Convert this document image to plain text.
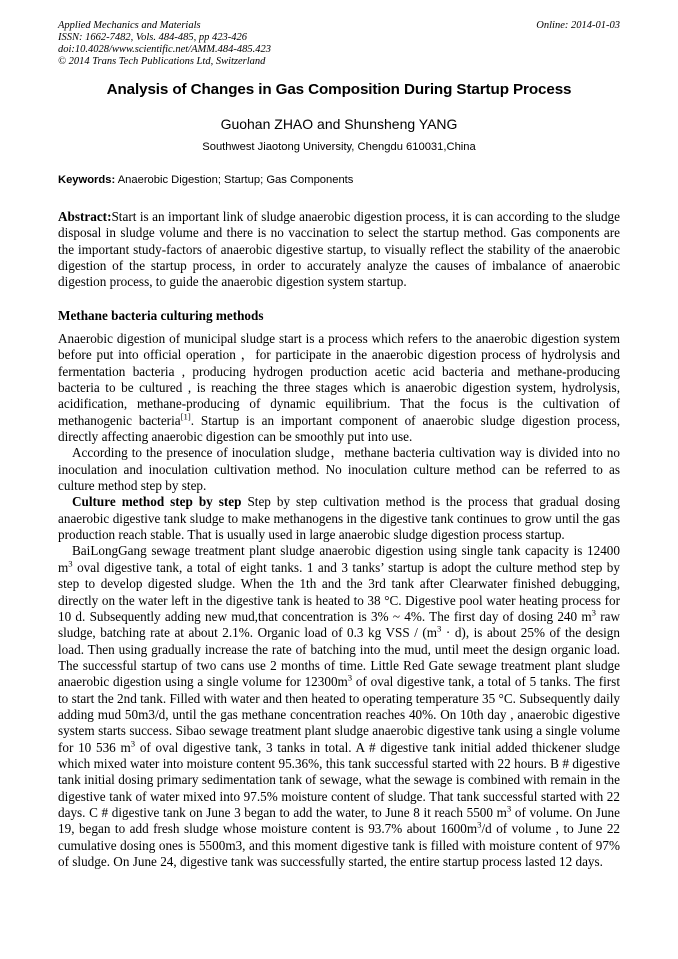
Applied Mechanics and Materials	Online: 2014-01-03
ISSN: 1662-7482, Vols. 484-485, pp 423-426
doi:10.4028/www.scientific.net/AMM.484-485.423
© 2014 Trans Tech Publications Ltd, Switzerland
Analysis of Changes in Gas Composition During Startup Process
Guohan ZHAO and Shunsheng YANG
Southwest Jiaotong University, Chengdu 610031,China
Keywords: Anaerobic Digestion; Startup; Gas Components
Abstract:Start is an important link of sludge anaerobic digestion process, it is can according to the sludge disposal in sludge volume and there is no vaccination to select the startup method. Gas components are the important study-factors of anaerobic digestive startup, to visually reflect the stability of the anaerobic digestion of the startup process, in order to accurately analyze the causes of imbalance of anaerobic digestion process, to guide the anaerobic digestion system startup.
Methane bacteria culturing methods

Anaerobic digestion of municipal sludge start is a process which refers to the anaerobic digestion system before put into official operation ，for participate in the anaerobic digestion process of hydrolysis and fermentation bacteria , producing hydrogen production acetic acid bacteria and methane-producing bacteria to be cultured , is reaching the three stages which is anaerobic digestion system, hydrolysis, acidification, methane-producing of dynamic equilibrium. That the focus is the cultivation of methanogenic bacteria[1]. Startup is an important component of anaerobic sludge digestion process, directly affecting anaerobic digestion can be smoothly put into use.

According to the presence of inoculation sludge，methane bacteria cultivation way is divided into no inoculation and inoculation cultivation method. No inoculation culture method can be referred to as culture method step by step.

Culture method step by step Step by step cultivation method is the process that gradual dosing anaerobic digestive tank sludge to make methanogens in the digestive tank continues to grow until the gas production reach stable. That is usually used in large anaerobic sludge digestion process startup.

BaiLongGang sewage treatment plant sludge anaerobic digestion using single tank capacity is 12400 $m^3$ oval digestive tank, a total of eight tanks. 1 and 3 tanks’ startup is adopt the culture method step by step to develop digested sludge. When the 1th and the 3rd tank after Clearwater finished debugging, directly on the water left in the digestive tank is heated to 38 °C. Digestive pool water heating process for 10 d. Subsequently adding new mud,that concentration is 3% ~ 4%. The first day of dosing 240 $m^3$ raw sludge, batching rate at about 2.1%. Organic load of 0.3 kg VSS / $(m^3 \cdot d)$, is about 25% of the design load. Then using gradually increase the rate of batching into the mud, until meet the design organic load. The successful startup of two cans use 2 months of time. Little Red Gate sewage treatment plant sludge anaerobic digestion using a single volume for $12300m^3$ of oval digestive tank, a total of 5 tanks. The first to start the 2nd tank. Filled with water and then heated to operating temperature 35 °C. Subsequently daily adding mud 50m3/d, until the gas methane concentration reaches 40%. On 10th day , anaerobic digestive system starts success. Sibao sewage treatment plant sludge anaerobic digestive tank using a single volume for 10 536 $m^3$ of oval digestive tank, 3 tanks in total. A # digestive tank initial added thickener sludge which mixed water into moisture content 95.36%, this tank successful started with 22 hours. B # digestive tank initial dosing primary sedimentation tank of sewage, what the sewage is combined with remain in the digestive tank of water mixed into 97.5% moisture content of sludge. That tank successful started with 22 days. C # digestive tank on June 3 began to add the water, to June 8 it reach 5500 $m^3$ of volume. On June 19, began to add fresh sludge whose moisture content is 93.7% about $1600m^3/d$ of volume , to June 22 cumulative dosing ones is 5500m3, and this moment digestive tank is filled with moisture content of 97% of sludge. On June 24, digestive tank was successfully started, the entire startup process lasted 12 days.
